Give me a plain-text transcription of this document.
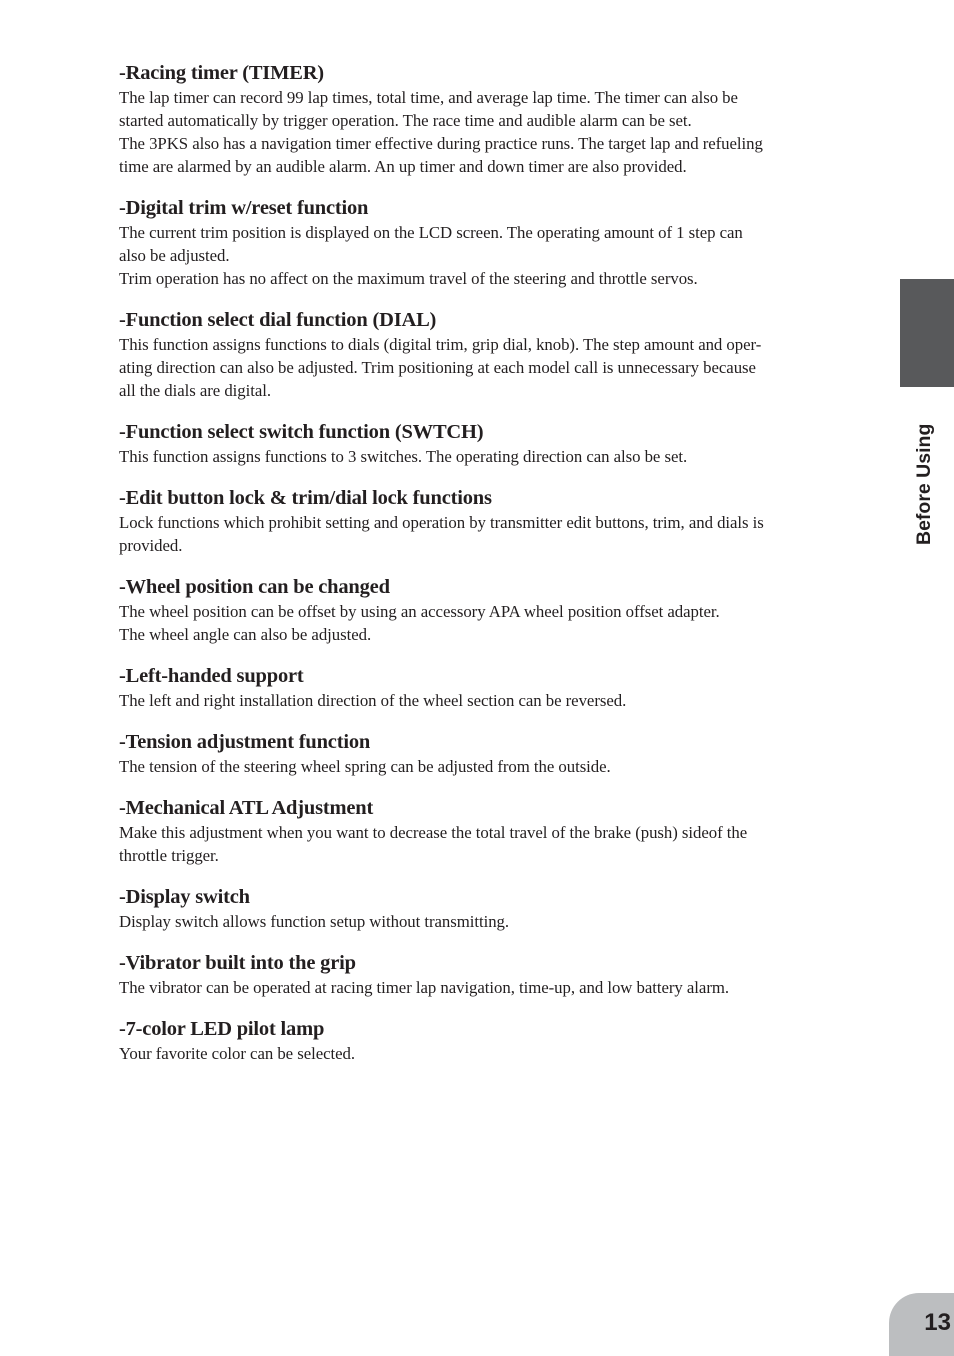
-Racing timer (TIMER)
The lap timer can record 99 lap times, total time, and average lap time. The timer can also be
started automatically by trigger operation. The race time and audible alarm can be set.
The 3PKS also has a navigation timer effective during practice runs. The target lap and refueling
time are alarmed by an audible alarm. An up timer and down timer are also provided.
-Digital trim w/reset function
The current trim position is displayed on the LCD screen. The operating amount of 1 step can
also be adjusted.
Trim operation has no affect on the maximum travel of the steering and throttle servos.
-Function select dial function (DIAL)
This function assigns functions to dials (digital trim, grip dial, knob). The step amount and oper-
ating direction can also be adjusted. Trim positioning at each model call is unnecessary because
all the dials are digital.
-Function select switch function (SWTCH)
This function assigns functions to 3 switches. The operating direction can also be set.
-Edit button lock & trim/dial lock functions
Lock functions which prohibit setting and operation by transmitter edit buttons, trim, and dials is
provided.
-Wheel position can be changed
The wheel position can be offset by using an accessory APA wheel position offset adapter.
The wheel angle can also be adjusted.
-Left-handed support
The left and right installation direction of the wheel section can be reversed.
-Tension adjustment function
The tension of the steering wheel spring can be adjusted from the outside.
-Mechanical ATL Adjustment
Make this adjustment when you want to decrease the total travel of the brake (push) sideof the
throttle trigger.
-Display switch
Display switch allows function setup without transmitting.
-Vibrator built into the grip
The vibrator can be operated at racing timer lap navigation, time-up, and low battery alarm.
-7-color LED pilot lamp
Your favorite color can be selected.
Before Using
13
